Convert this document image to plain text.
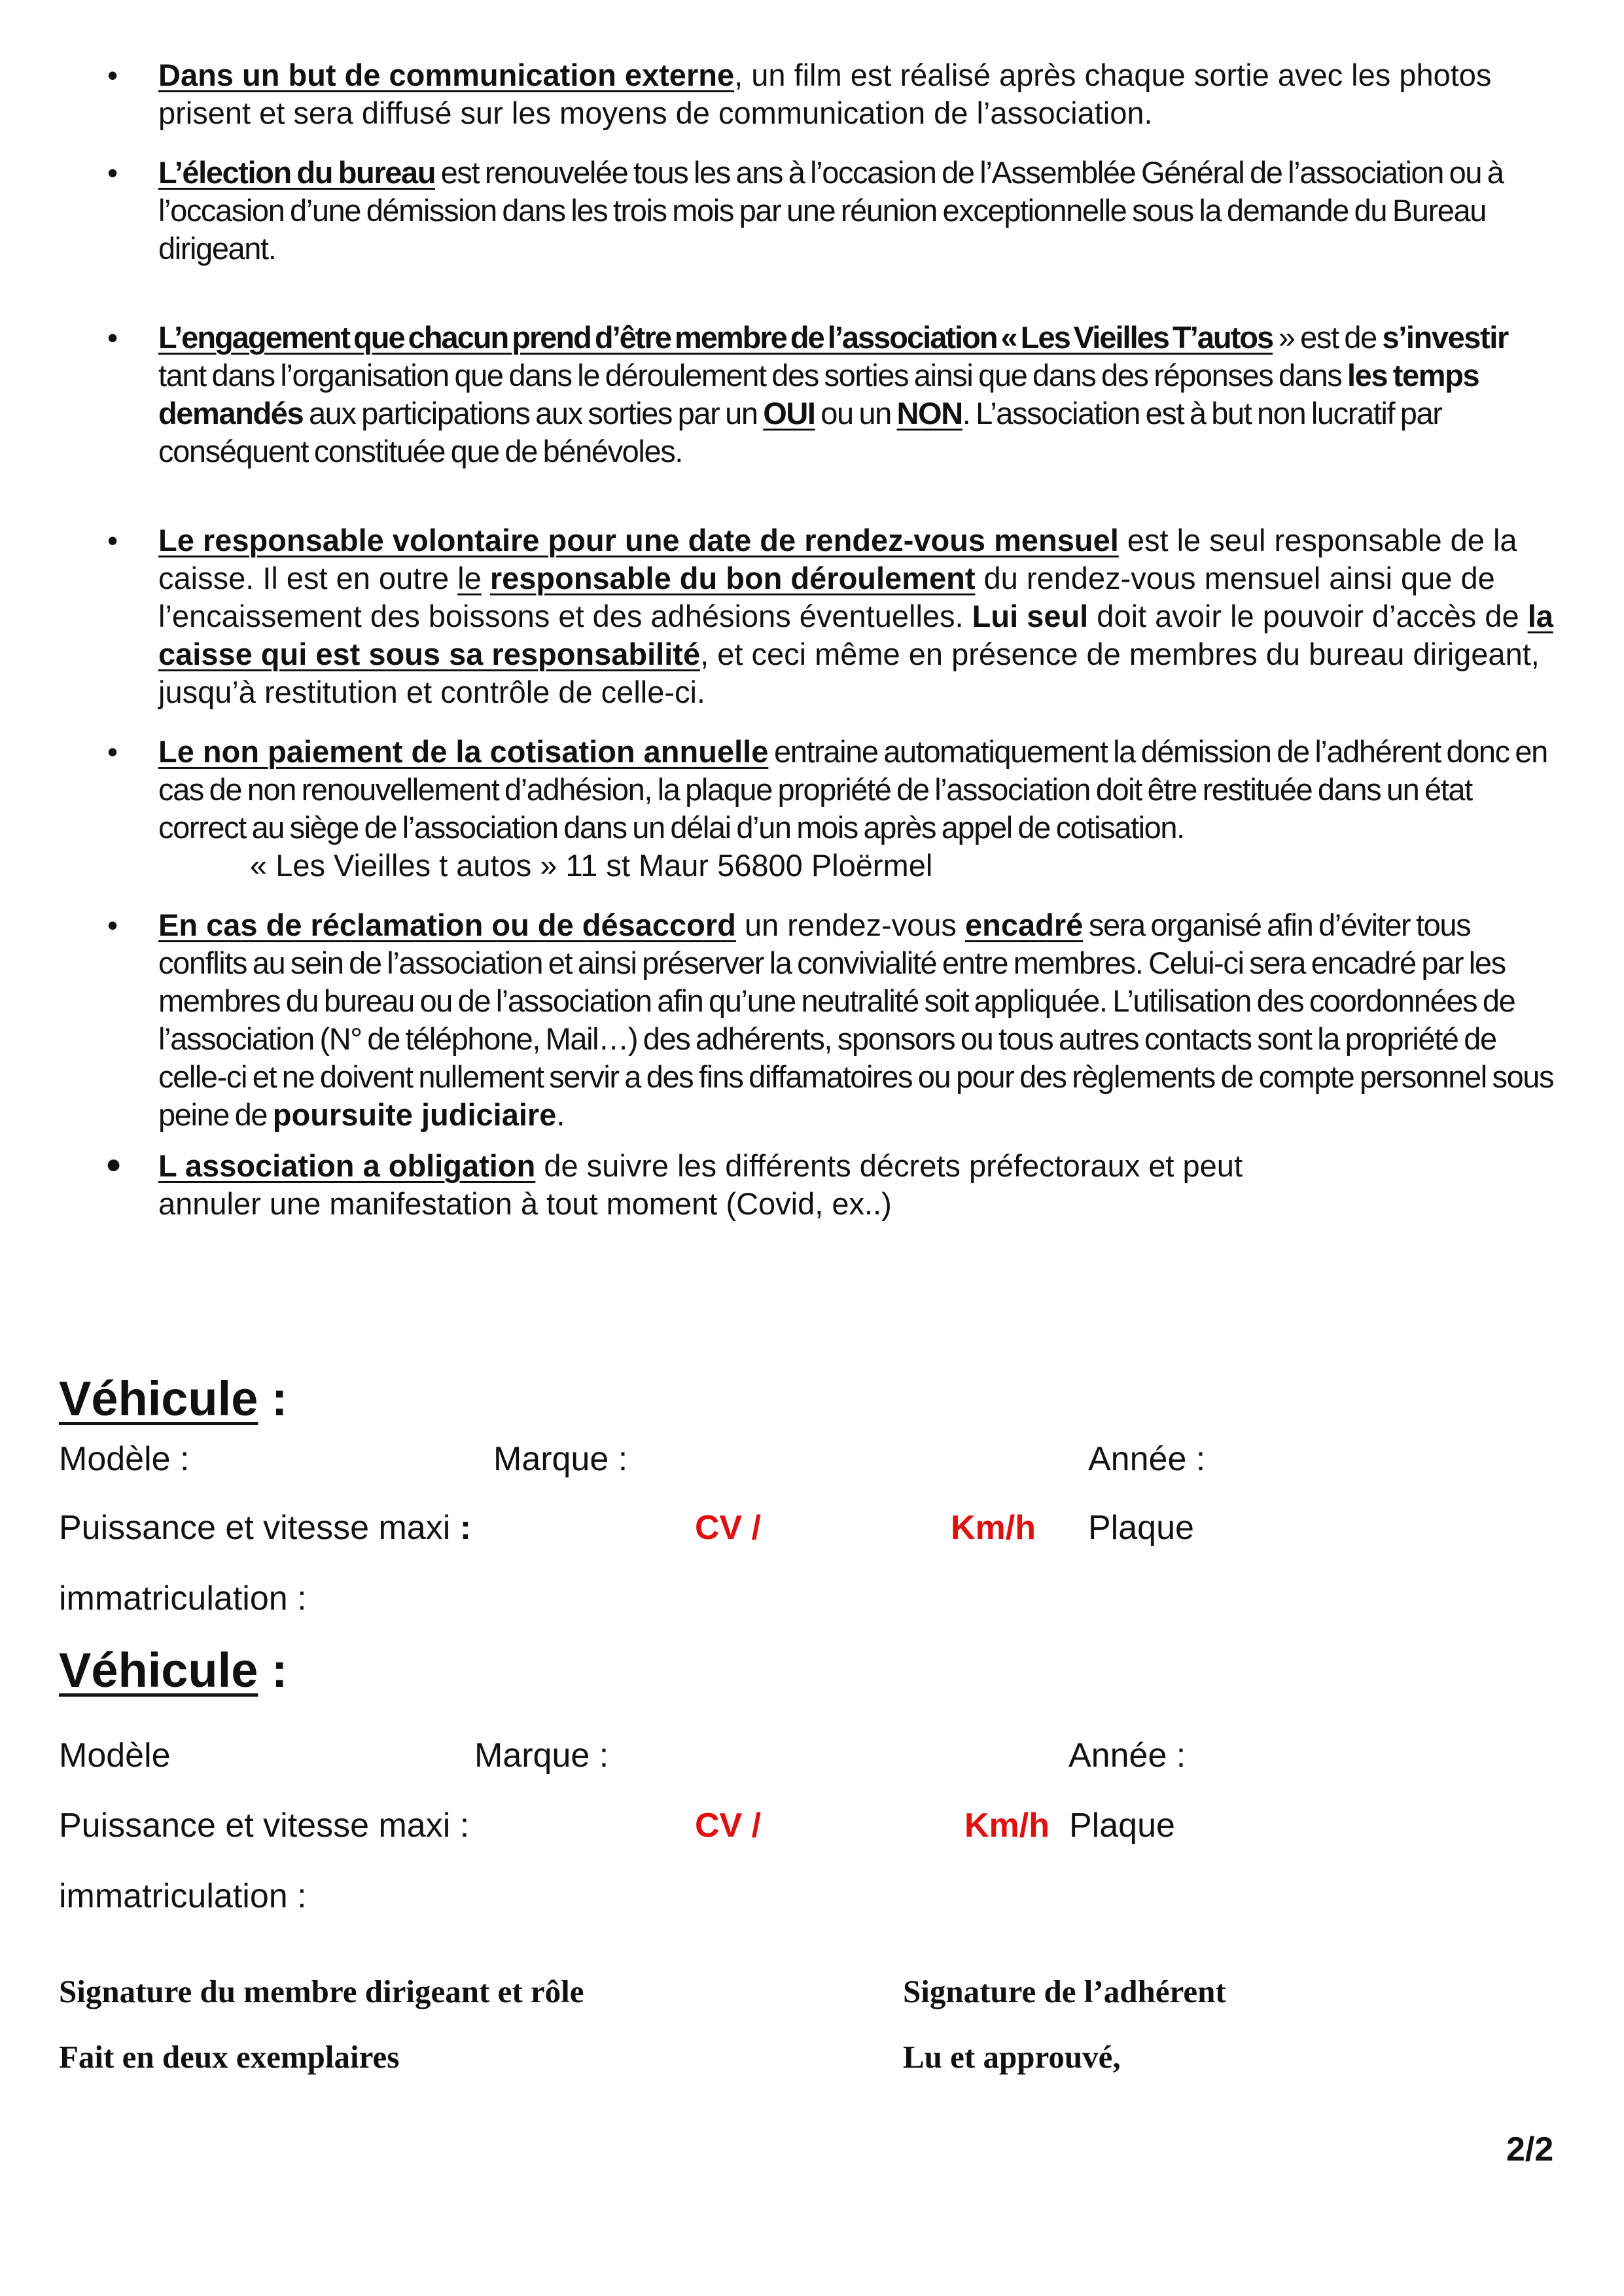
• Dans un but de communication externe, un film est réalisé après chaque sortie avec les photos prisent et sera diffusé sur les moyens de communication de l’association.
• L’élection du bureau est renouvelée tous les ans à l’occasion de l’Assemblée Général de l’association ou à l’occasion d’une démission dans les trois mois par une réunion exceptionnelle sous la demande du Bureau dirigeant.
• L’engagement que chacun prend d’être membre de l’association « Les Vieilles T’autos » est de s’investir tant dans l’organisation que dans le déroulement des sorties ainsi que dans des réponses dans les temps demandés aux participations aux sorties par un OUI ou un NON. L’association est à but non lucratif par conséquent constituée que de bénévoles.
• Le responsable volontaire pour une date de rendez-vous mensuel est le seul responsable de la caisse. Il est en outre le responsable du bon déroulement du rendez-vous mensuel ainsi que de l’encaissement des boissons et des adhésions éventuelles. Lui seul doit avoir le pouvoir d’accès de la caisse qui est sous sa responsabilité, et ceci même en présence de membres du bureau dirigeant, jusqu’à restitution et contrôle de celle-ci.
• Le non paiement de la cotisation annuelle entraine automatiquement la démission de l’adhérent donc en cas de non renouvellement d’adhésion, la plaque propriété de l’association doit être restituée dans un état correct au siège de l’association dans un délai d’un mois après appel de cotisation.
« Les Vieilles t autos » 11 st Maur 56800 Ploërmel
• En cas de réclamation ou de désaccord un rendez-vous encadré sera organisé afin d’éviter tous conflits au sein de l’association et ainsi préserver la convivialité entre membres. Celui-ci sera encadré par les
membres du bureau ou de l’association afin qu’une neutralité soit appliquée. L’utilisation des coordonnées de l’association (N° de téléphone, Mail…) des adhérents, sponsors ou tous autres contacts sont la propriété de celle-ci et ne doivent nullement servir a des fins diffamatoires ou pour des règlements de compte personnel sous peine de poursuite judiciaire.
• L association a obligation de suivre les différents décrets préfectoraux et peut
annuler une manifestation à tout moment (Covid, ex..)
Véhicule :
Modèle :	Marque :	Année :
Puissance et vitesse maxi :	CV /	Km/h Plaque
immatriculation :
Véhicule :
Modèle	Marque :	Année :
Puissance et vitesse maxi :	CV /	Km/h Plaque
immatriculation :
Signature du membre dirigeant et rôle	Signature de l’adhérent
Fait en deux exemplaires	Lu et approuvé,
2/2
